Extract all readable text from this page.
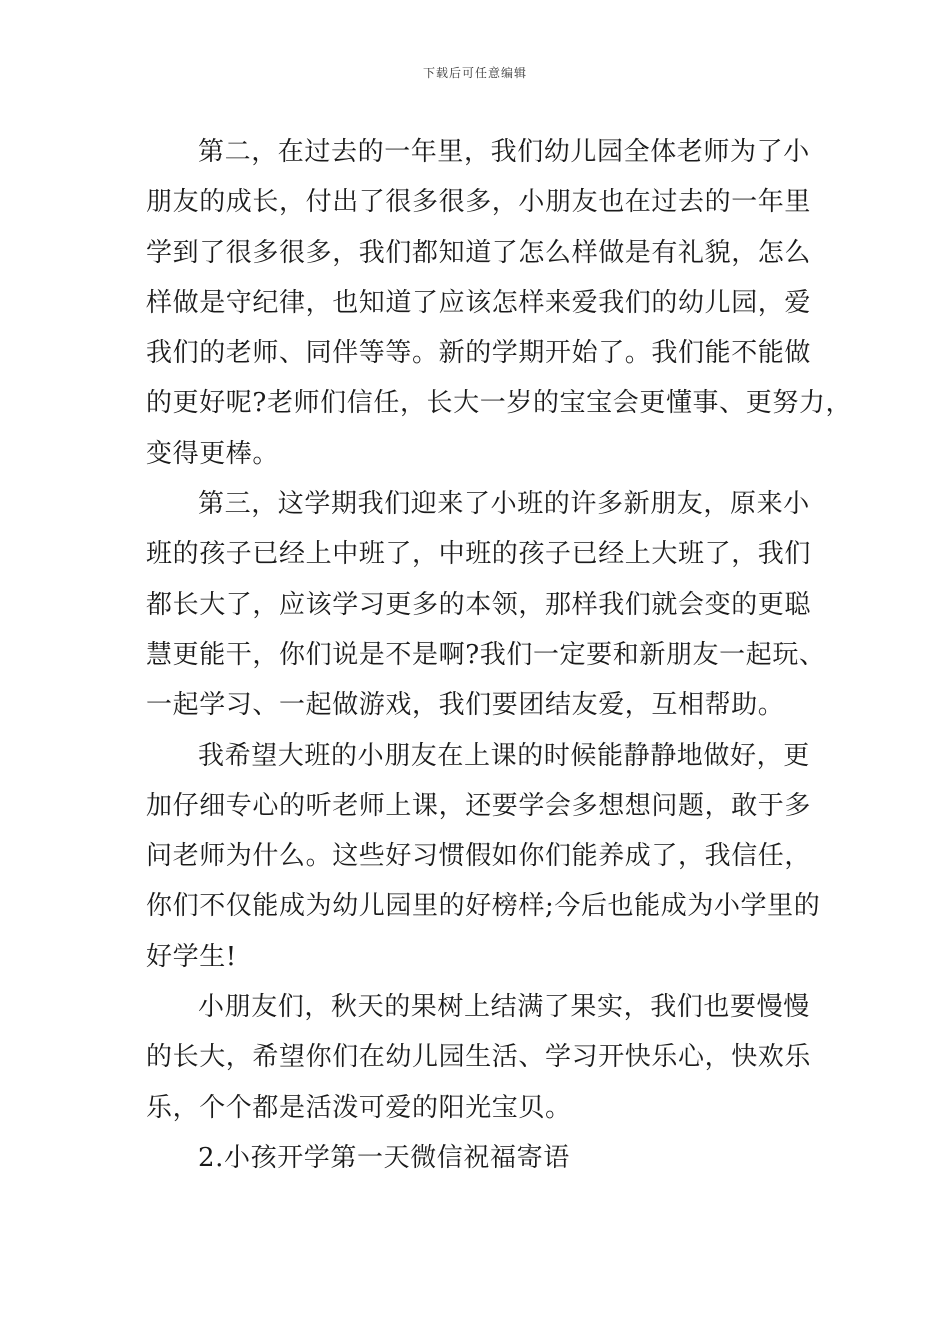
下载后可任意编辑
第二，在过去的一年里，我们幼儿园全体老师为了小
朋友的成长，付出了很多很多，小朋友也在过去的一年里
学到了很多很多，我们都知道了怎么样做是有礼貌，怎么
样做是守纪律，也知道了应该怎样来爱我们的幼儿园，爱
我们的老师、同伴等等。新的学期开始了。我们能不能做
的更好呢?老师们信任，长大一岁的宝宝会更懂事、更努力，
变得更棒。
第三，这学期我们迎来了小班的许多新朋友，原来小
班的孩子已经上中班了，中班的孩子已经上大班了，我们
都长大了，应该学习更多的本领，那样我们就会变的更聪
慧更能干，你们说是不是啊?我们一定要和新朋友一起玩、
一起学习、一起做游戏，我们要团结友爱，互相帮助。
我希望大班的小朋友在上课的时候能静静地做好，更
加仔细专心的听老师上课，还要学会多想想问题，敢于多
问老师为什么。这些好习惯假如你们能养成了，我信任，
你们不仅能成为幼儿园里的好榜样;今后也能成为小学里的
好学生!
小朋友们，秋天的果树上结满了果实，我们也要慢慢
的长大，希望你们在幼儿园生活、学习开快乐心，快欢乐
乐，个个都是活泼可爱的阳光宝贝。
2.小孩开学第一天微信祝福寄语
